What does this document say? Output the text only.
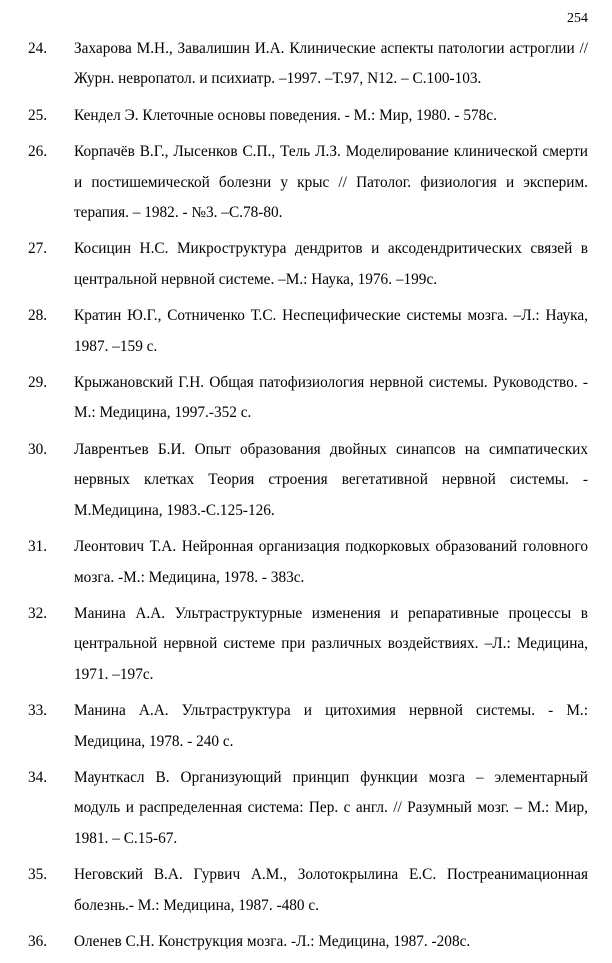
254
24. Захарова М.Н., Завалишин И.А. Клинические аспекты патологии астроглии // Журн. невропатол. и психиатр. –1997. –Т.97, N12. – С.100-103.
25. Кендел Э. Клеточные основы поведения. - М.: Мир, 1980. - 578с.
26. Корпачёв В.Г., Лысенков С.П., Тель Л.З. Моделирование клинической смерти и постишемической болезни у крыс // Патолог. физиология и эксперим. терапия. – 1982. - №3. –С.78-80.
27. Косицин Н.С. Микроструктура дендритов и аксодендритических связей в центральной нервной системе. –М.: Наука, 1976. –199с.
28. Кратин Ю.Г., Сотниченко Т.С. Неспецифические системы мозга. –Л.: Наука, 1987. –159 с.
29. Крыжановский Г.Н. Общая патофизиология нервной системы. Руководство. - М.: Медицина, 1997.-352 с.
30. Лаврентьев Б.И. Опыт образования двойных синапсов на симпатических нервных клетках Теория строения вегетативной нервной системы. - М.Медицина, 1983.-С.125-126.
31. Леонтович Т.А. Нейронная организация подкорковых образований головного мозга. -М.: Медицина, 1978. - 383с.
32. Манина А.А. Ультраструктурные изменения и репаративные процессы в центральной нервной системе при различных воздействиях. –Л.: Медицина, 1971. –197с.
33. Манина А.А. Ультраструктура и цитохимия нервной системы. - М.: Медицина, 1978. - 240 с.
34. Маунткасл В. Организующий принцип функции мозга – элементарный модуль и распределенная система: Пер. с англ. // Разумный мозг. – М.: Мир, 1981. – С.15-67.
35. Неговский В.А. Гурвич А.М., Золотокрылина Е.С. Постреанимационная болезнь.- М.: Медицина, 1987. -480 с.
36. Оленев С.Н. Конструкция мозга. -Л.: Медицина, 1987. -208с.
